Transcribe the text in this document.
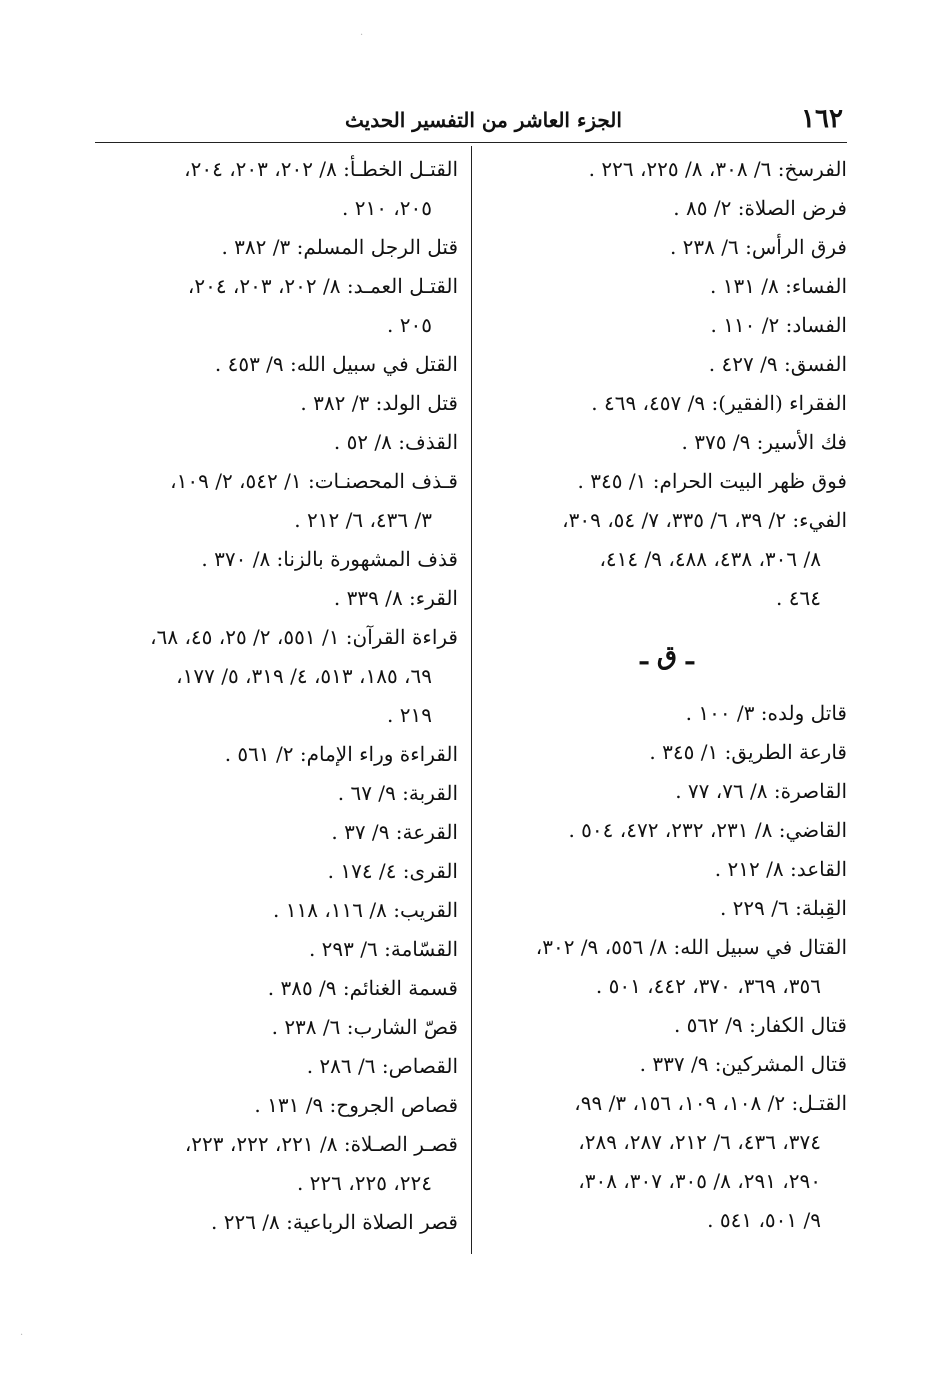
١٦٢
الجزء العاشر من التفسير الحديث
الفرسخ: ٦/ ٣٠٨، ٨/ ٢٢٥، ٢٢٦ .
فرض الصلاة: ٢/ ٨٥ .
فرق الرأس: ٦/ ٢٣٨ .
الفساء: ٨/ ١٣١ .
الفساد: ٢/ ١١٠ .
الفسق: ٩/ ٤٢٧ .
الفقراء (الفقير): ٩/ ٤٥٧، ٤٦٩ .
فك الأسير: ٩/ ٣٧٥ .
فوق ظهر البيت الحرام: ١/ ٣٤٥ .
الفيء: ٢/ ٣٩، ٦/ ٣٣٥، ٧/ ٥٤، ٣٠٩،
٨/ ٣٠٦، ٤٣٨، ٤٨٨، ٩/ ٤١٤،
٤٦٤ .
ـ ق ـ
قاتل ولده: ٣/ ١٠٠ .
قارعة الطريق: ١/ ٣٤٥ .
القاصرة: ٨/ ٧٦، ٧٧ .
القاضي: ٨/ ٢٣١، ٢٣٢، ٤٧٢، ٥٠٤ .
القاعد: ٨/ ٢١٢ .
القِبلة: ٦/ ٢٢٩ .
القتال في سبيل الله: ٨/ ٥٥٦، ٩/ ٣٠٢،
٣٥٦، ٣٦٩، ٣٧٠، ٤٤٢، ٥٠١ .
قتال الكفار: ٩/ ٥٦٢ .
قتال المشركين: ٩/ ٣٣٧ .
القتـل: ٢/ ١٠٨، ١٠٩، ١٥٦، ٣/ ٩٩،
٣٧٤، ٤٣٦، ٦/ ٢١٢، ٢٨٧، ٢٨٩،
٢٩٠، ٢٩١، ٨/ ٣٠٥، ٣٠٧، ٣٠٨،
٩/ ٥٠١، ٥٤١ .
القتـل الخطـأ: ٨/ ٢٠٢، ٢٠٣، ٢٠٤،
٢٠٥، ٢١٠ .
قتل الرجل المسلم: ٣/ ٣٨٢ .
القتـل العمـد: ٨/ ٢٠٢، ٢٠٣، ٢٠٤،
٢٠٥ .
القتل في سبيل الله: ٩/ ٤٥٣ .
قتل الولد: ٣/ ٣٨٢ .
القذف: ٨/ ٥٢ .
قـذف المحصنـات: ١/ ٥٤٢، ٢/ ١٠٩،
٣/ ٤٣٦، ٦/ ٢١٢ .
قذف المشهورة بالزنا: ٨/ ٣٧٠ .
القرء: ٨/ ٣٣٩ .
قراءة القرآن: ١/ ٥٥١، ٢/ ٢٥، ٤٥، ٦٨،
٦٩، ١٨٥، ٥١٣، ٤/ ٣١٩، ٥/ ١٧٧،
٢١٩ .
القراءة وراء الإمام: ٢/ ٥٦١ .
القربة: ٩/ ٦٧ .
القرعة: ٩/ ٣٧ .
القرى: ٤/ ١٧٤ .
القريب: ٨/ ١١٦، ١١٨ .
القسّامة: ٦/ ٢٩٣ .
قسمة الغنائم: ٩/ ٣٨٥ .
قصّ الشارب: ٦/ ٢٣٨ .
القصاص: ٦/ ٢٨٦ .
قصاص الجروح: ٩/ ١٣١ .
قصـر الصـلاة: ٨/ ٢٢١، ٢٢٢، ٢٢٣،
٢٢٤، ٢٢٥، ٢٢٦ .
قصر الصلاة الرباعية: ٨/ ٢٢٦ .
·
·
